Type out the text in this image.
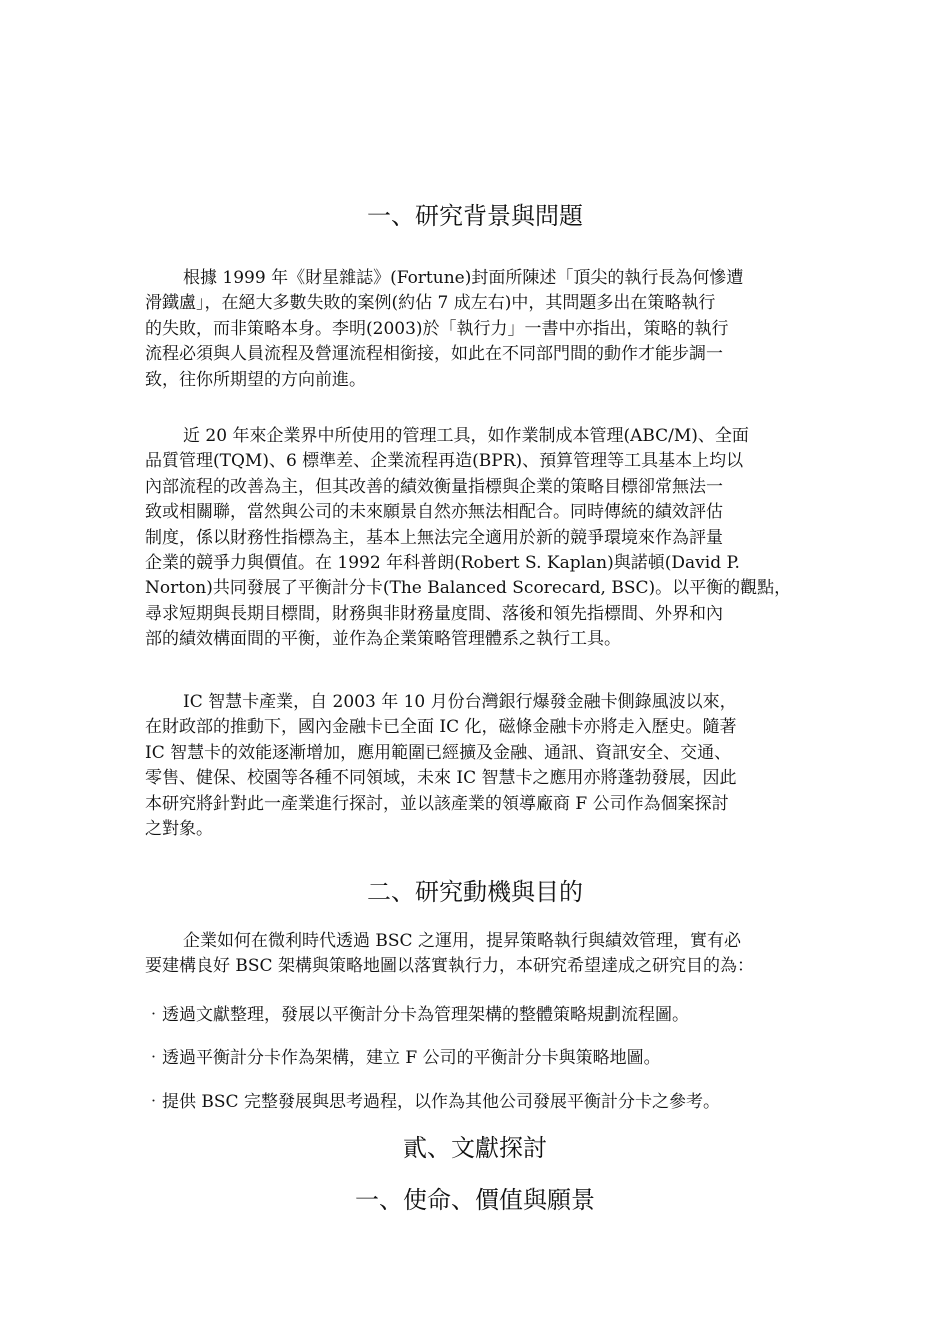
一、研究背景與問題
根據 1999 年《財星雜誌》(Fortune)封面所陳述「頂尖的執行長為何慘遭
滑鐵盧」，在絕大多數失敗的案例(約佔 7 成左右)中，其問題多出在策略執行
的失敗，而非策略本身。李明(2003)於「執行力」一書中亦指出，策略的執行
流程必須與人員流程及營運流程相銜接，如此在不同部門間的動作才能步調一
致，往你所期望的方向前進。
近 20 年來企業界中所使用的管理工具，如作業制成本管理(ABC/M)、全面
品質管理(TQM)、6 標準差、企業流程再造(BPR)、預算管理等工具基本上均以
內部流程的改善為主，但其改善的績效衡量指標與企業的策略目標卻常無法一
致或相關聯，當然與公司的未來願景自然亦無法相配合。同時傳統的績效評估
制度，係以財務性指標為主，基本上無法完全適用於新的競爭環境來作為評量
企業的競爭力與價值。在 1992 年科普朗(Robert S. Kaplan)與諾頓(David P.
Norton)共同發展了平衡計分卡(The Balanced Scorecard, BSC)。以平衡的觀點，
尋求短期與長期目標間，財務與非財務量度間、落後和領先指標間、外界和內
部的績效構面間的平衡，並作為企業策略管理體系之執行工具。
IC 智慧卡產業，自 2003 年 10 月份台灣銀行爆發金融卡側錄風波以來，
在財政部的推動下，國內金融卡已全面 IC 化，磁條金融卡亦將走入歷史。隨著
IC 智慧卡的效能逐漸增加，應用範圍已經擴及金融、通訊、資訊安全、交通、
零售、健保、校園等各種不同領域，未來 IC 智慧卡之應用亦將蓬勃發展，因此
本研究將針對此一產業進行探討，並以該產業的領導廠商 F 公司作為個案探討
之對象。
二、研究動機與目的
企業如何在微利時代透過 BSC 之運用，提昇策略執行與績效管理，實有必
要建構良好 BSC 架構與策略地圖以落實執行力，本研究希望達成之研究目的為：
‧透過文獻整理，發展以平衡計分卡為管理架構的整體策略規劃流程圖。
‧透過平衡計分卡作為架構，建立 F 公司的平衡計分卡與策略地圖。
‧提供 BSC 完整發展與思考過程，以作為其他公司發展平衡計分卡之參考。
貳、文獻探討
一、使命、價值與願景
